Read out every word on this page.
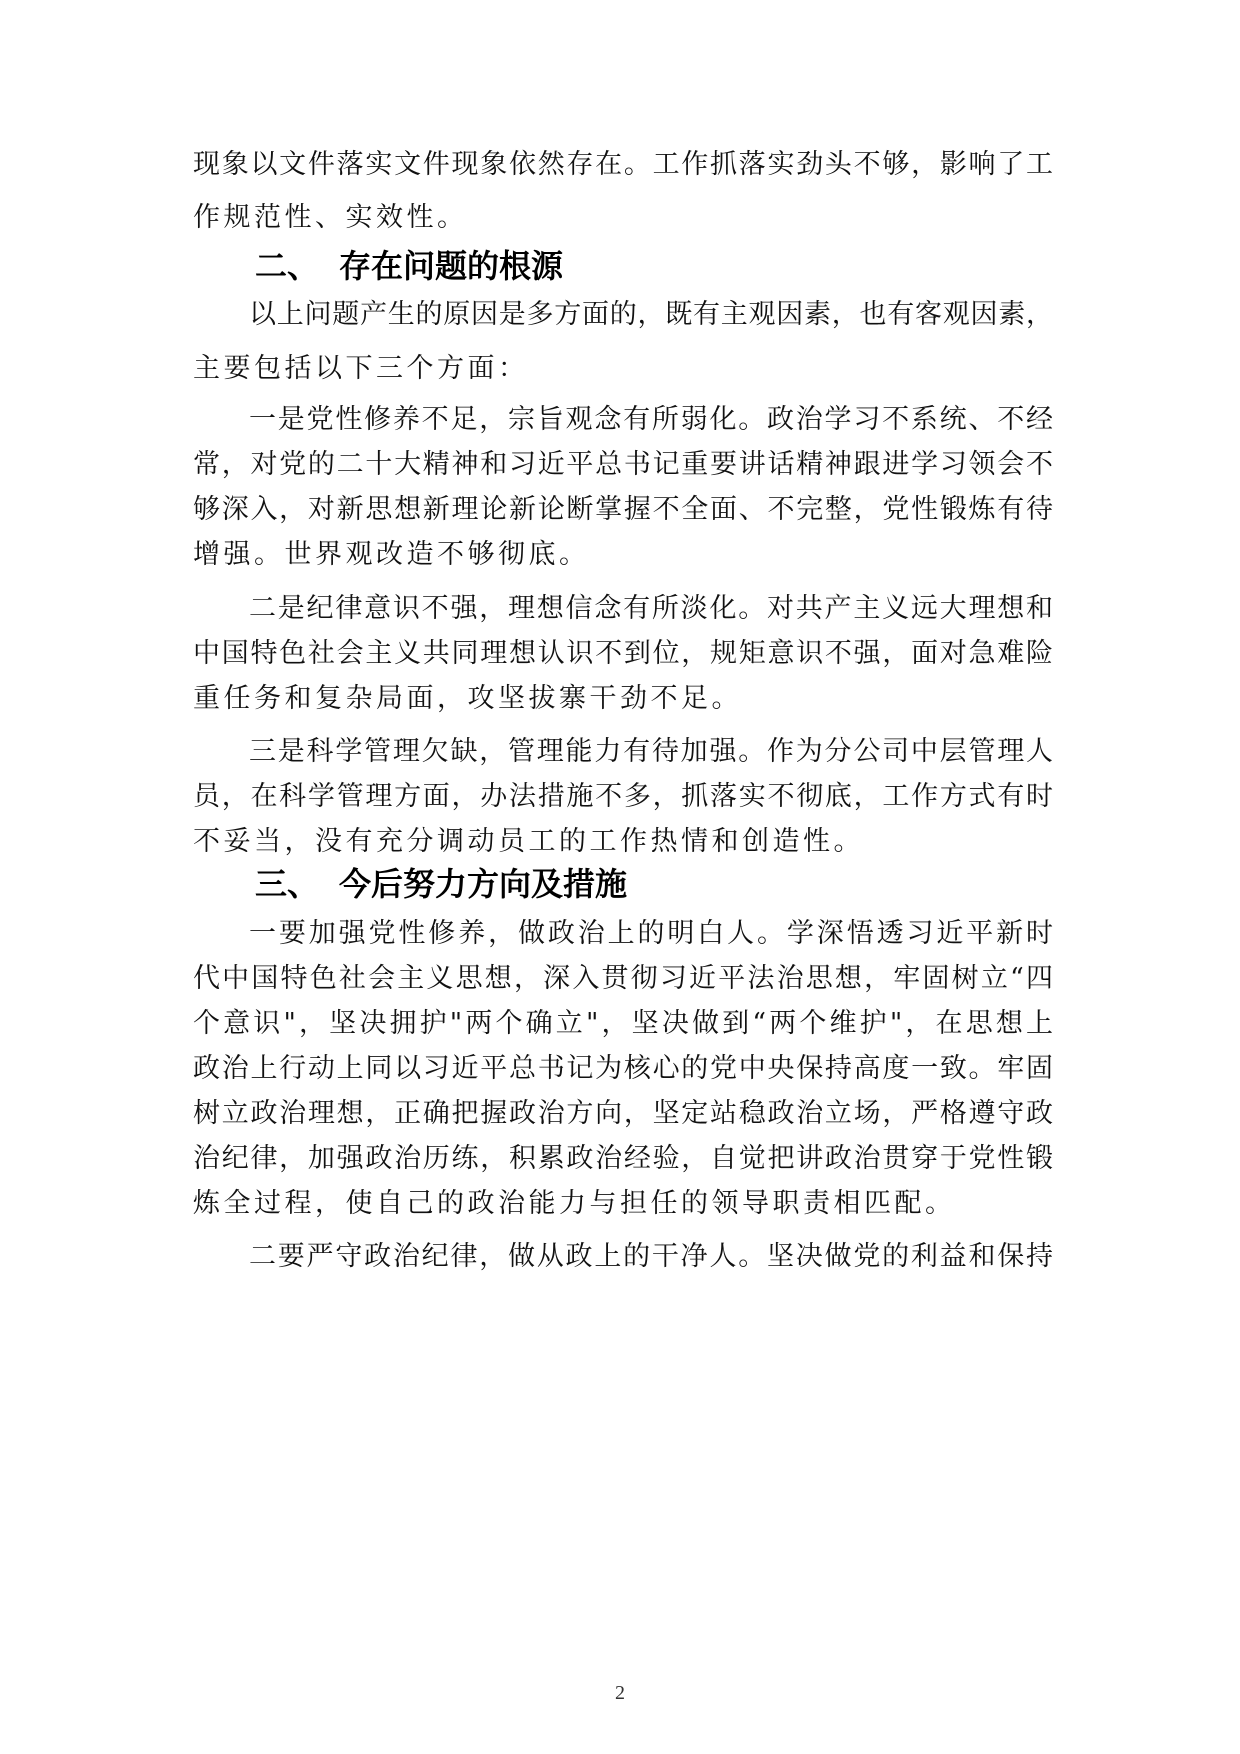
现象以文件落实文件现象依然存在。工作抓落实劲头不够，影响了工
作规范性、实效性。
二、 存在问题的根源
以上问题产生的原因是多方面的，既有主观因素，也有客观因素，
主要包括以下三个方面：
一是党性修养不足，宗旨观念有所弱化。政治学习不系统、不经
常，对党的二十大精神和习近平总书记重要讲话精神跟进学习领会不
够深入，对新思想新理论新论断掌握不全面、不完整，党性锻炼有待
增强。世界观改造不够彻底。
二是纪律意识不强，理想信念有所淡化。对共产主义远大理想和
中国特色社会主义共同理想认识不到位，规矩意识不强，面对急难险
重任务和复杂局面，攻坚拔寨干劲不足。
三是科学管理欠缺，管理能力有待加强。作为分公司中层管理人
员，在科学管理方面，办法措施不多，抓落实不彻底，工作方式有时
不妥当，没有充分调动员工的工作热情和创造性。
三、 今后努力方向及措施
一要加强党性修养，做政治上的明白人。学深悟透习近平新时
代中国特色社会主义思想，深入贯彻习近平法治思想，牢固树立“四
个意识"，坚决拥护"两个确立"，坚决做到“两个维护"，在思想上
政治上行动上同以习近平总书记为核心的党中央保持高度一致。牢固
树立政治理想，正确把握政治方向，坚定站稳政治立场，严格遵守政
治纪律，加强政治历练，积累政治经验，自觉把讲政治贯穿于党性锻
炼全过程，使自己的政治能力与担任的领导职责相匹配。
二要严守政治纪律，做从政上的干净人。坚决做党的利益和保持
2
